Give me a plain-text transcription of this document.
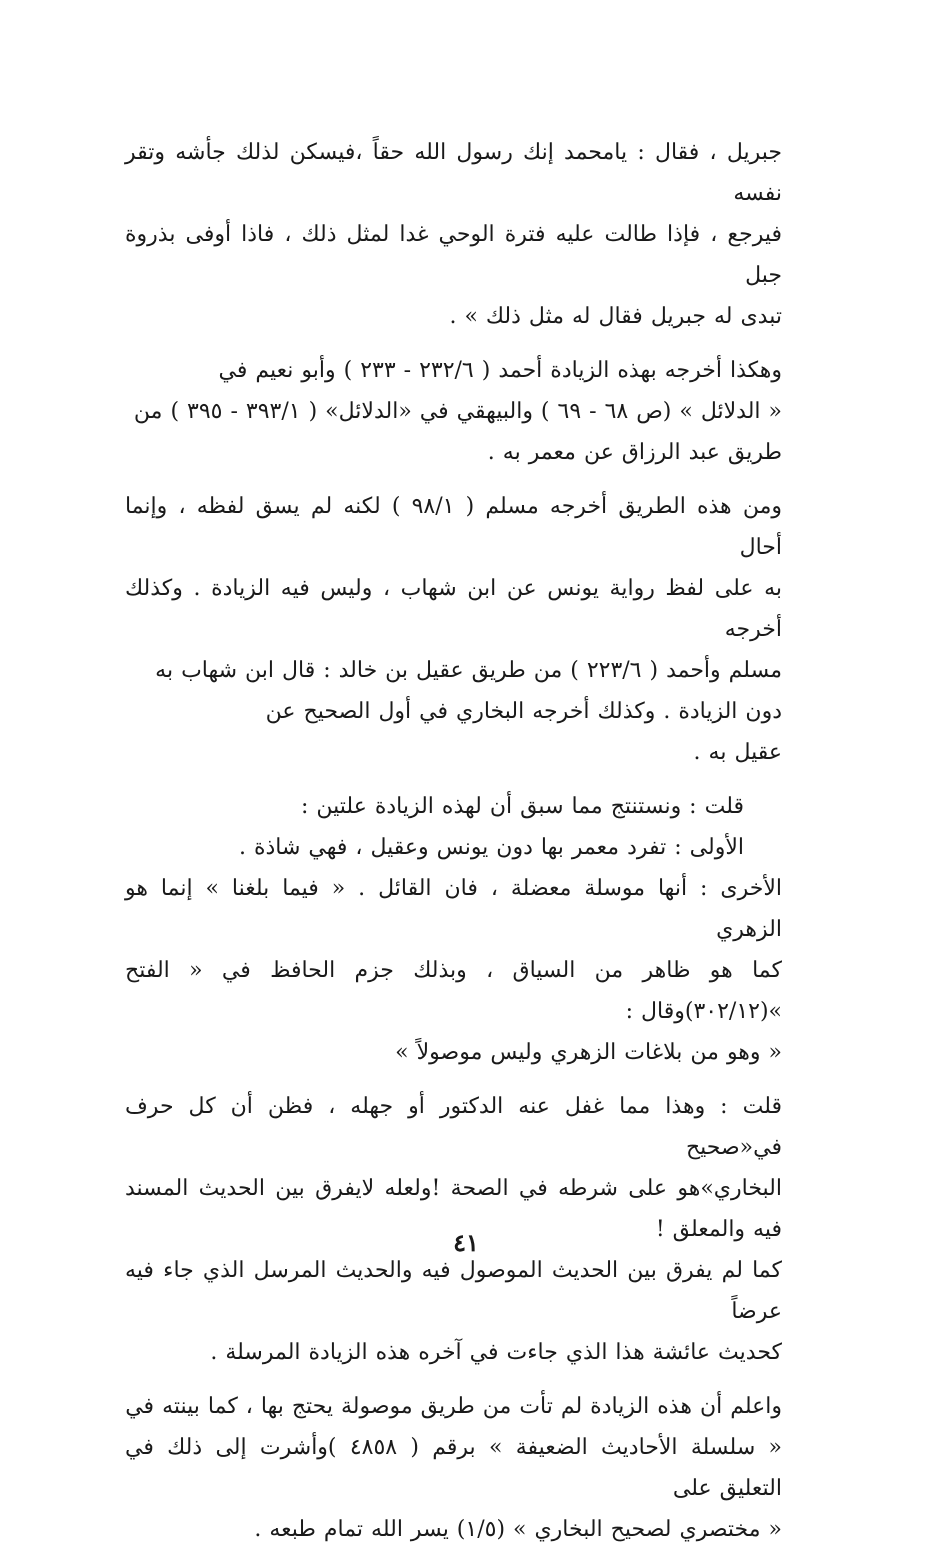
جبريل ، فقال : يامحمد إنك رسول الله حقاً ،فيسكن لذلك جأشه وتقر نفسه
فيرجع ، فإذا طالت عليه فترة الوحي غدا لمثل ذلك ، فاذا أوفى بذروة جبل
تبدى له جبريل فقال له مثل ذلك » .

وهكذا أخرجه بهذه الزيادة أحمد ( ٢٣٢/٦ - ٢٣٣ ) وأبو نعيم في
« الدلائل » (ص ٦٨ - ٦٩ ) والبيهقي في «الدلائل» ( ٣٩٣/١ - ٣٩٥ ) من
طريق عبد الرزاق عن معمر به .

ومن هذه الطريق أخرجه مسلم ( ٩٨/١ ) لكنه لم يسق لفظه ، وإنما أحال
به على لفظ رواية يونس عن ابن شهاب ، وليس فيه الزيادة . وكذلك أخرجه
مسلم وأحمد ( ٢٢٣/٦ ) من طريق عقيل بن خالد : قال ابن شهاب به
دون الزيادة . وكذلك أخرجه البخاري في أول الصحيح عن
عقيل به .

قلت : ونستنتج مما سبق أن لهذه الزيادة علتين :

الأولى : تفرد معمر بها دون يونس وعقيل ، فهي شاذة .

الأخرى : أنها موسلة معضلة ، فان القائل . « فيما بلغنا » إنما هو الزهري
كما هو ظاهر من السياق ، وبذلك جزم الحافظ في « الفتح »(٣٠٢/١٢)وقال :
« وهو من بلاغات الزهري وليس موصولاً »

قلت : وهذا مما غفل عنه الدكتور أو جهله ، فظن أن كل حرف في«صحيح
البخاري»هو على شرطه في الصحة !ولعله لايفرق بين الحديث المسند فيه والمعلق !
كما لم يفرق بين الحديث الموصول فيه والحديث المرسل الذي جاء فيه عرضاً
كحديث عائشة هذا الذي جاءت في آخره هذه الزيادة المرسلة .

واعلم أن هذه الزيادة لم تأت من طريق موصولة يحتج بها ، كما بينته في
« سلسلة الأحاديث الضعيفة » برقم ( ٤٨٥٨ )وأشرت إلى ذلك في التعليق على
« مختصري لصحيح البخاري » (١/٥) يسر الله تمام طبعه .

٤١
